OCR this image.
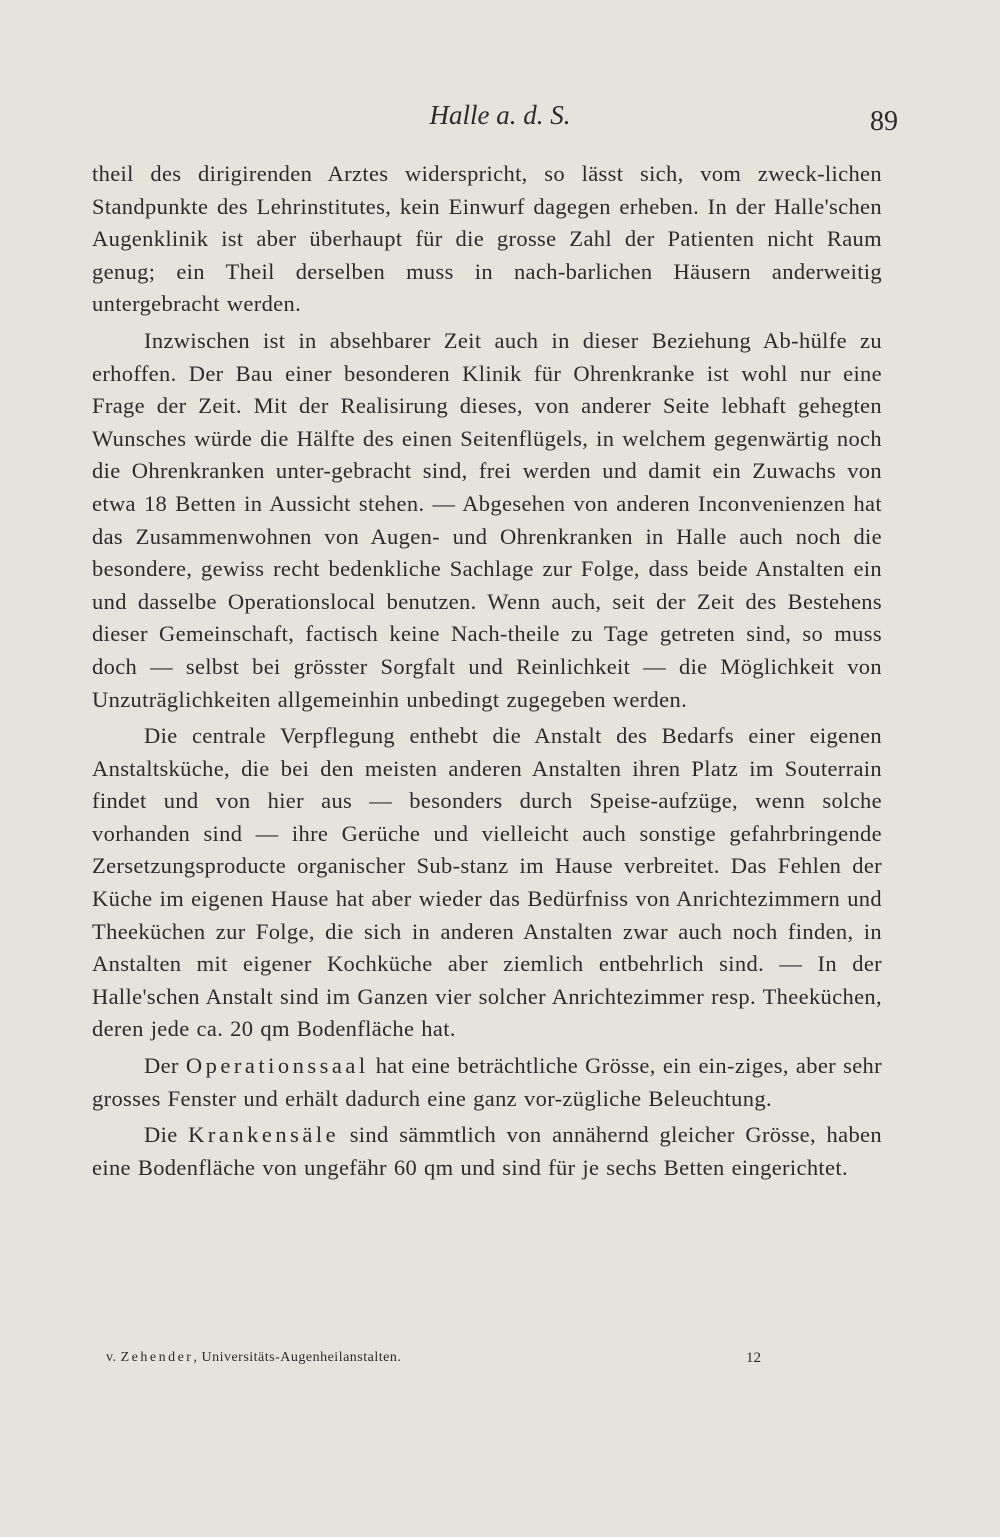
Halle a. d. S.	89

theil des dirigirenden Arztes widerspricht, so lässt sich, vom zweck-lichen Standpunkte des Lehrinstitutes, kein Einwurf dagegen erheben. In der Halle'schen Augenklinik ist aber überhaupt für die grosse Zahl der Patienten nicht Raum genug; ein Theil derselben muss in nach-barlichen Häusern anderweitig untergebracht werden.

Inzwischen ist in absehbarer Zeit auch in dieser Beziehung Ab-hülfe zu erhoffen. Der Bau einer besonderen Klinik für Ohrenkranke ist wohl nur eine Frage der Zeit. Mit der Realisirung dieses, von anderer Seite lebhaft gehegten Wunsches würde die Hälfte des einen Seitenflügels, in welchem gegenwärtig noch die Ohrenkranken unter-gebracht sind, frei werden und damit ein Zuwachs von etwa 18 Betten in Aussicht stehen. — Abgesehen von anderen Inconvenienzen hat das Zusammenwohnen von Augen- und Ohrenkranken in Halle auch noch die besondere, gewiss recht bedenkliche Sachlage zur Folge, dass beide Anstalten ein und dasselbe Operationslocal benutzen. Wenn auch, seit der Zeit des Bestehens dieser Gemeinschaft, factisch keine Nach-theile zu Tage getreten sind, so muss doch — selbst bei grösster Sorgfalt und Reinlichkeit — die Möglichkeit von Unzuträglichkeiten allgemeinhin unbedingt zugegeben werden.

Die centrale Verpflegung enthebt die Anstalt des Bedarfs einer eigenen Anstaltsküche, die bei den meisten anderen Anstalten ihren Platz im Souterrain findet und von hier aus — besonders durch Speise-aufzüge, wenn solche vorhanden sind — ihre Gerüche und vielleicht auch sonstige gefahrbringende Zersetzungsproducte organischer Sub-stanz im Hause verbreitet. Das Fehlen der Küche im eigenen Hause hat aber wieder das Bedürfniss von Anrichtezimmern und Theeküchen zur Folge, die sich in anderen Anstalten zwar auch noch finden, in Anstalten mit eigener Kochküche aber ziemlich entbehrlich sind. — In der Halle'schen Anstalt sind im Ganzen vier solcher Anrichtezimmer resp. Theeküchen, deren jede ca. 20 qm Bodenfläche hat.

Der Operationssaal hat eine beträchtliche Grösse, ein ein-ziges, aber sehr grosses Fenster und erhält dadurch eine ganz vor-zügliche Beleuchtung.

Die Krankensäle sind sämmtlich von annähernd gleicher Grösse, haben eine Bodenfläche von ungefähr 60 qm und sind für je sechs Betten eingerichtet.

v. Zehender, Universitäts-Augenheilanstalten.	12
